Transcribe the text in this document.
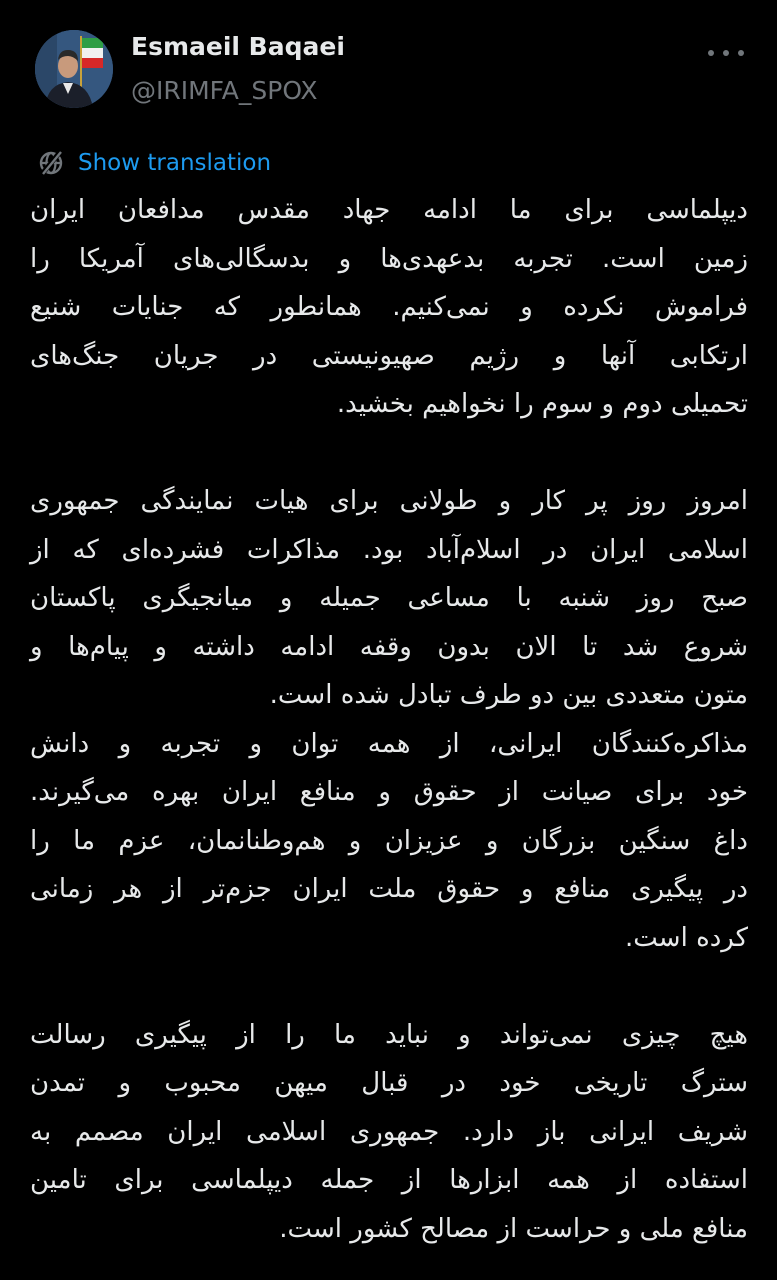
Esmaeil Baqaei
@IRIMFA_SPOX
Show translation
دیپلماسی برای ما ادامه جهاد مقدس مدافعان ایران
زمین است. تجربه بدعهدی‌ها و بدسگالی‌های آمریکا را
فراموش نکرده و نمی‌کنیم. همانطور که جنایات شنیع
ارتکابی آنها و رژیم صهیونیستی در جریان جنگ‌های
تحمیلی دوم و سوم را نخواهیم بخشید.
امروز روز پر کار و طولانی برای هیات نمایندگی جمهوری
اسلامی ایران در اسلام‌آباد بود. مذاکرات فشرده‌ای که از
صبح روز شنبه با مساعی جمیله و میانجیگری پاکستان
شروع شد تا الان بدون وقفه ادامه داشته و پیام‌ها و
متون متعددی بین دو طرف تبادل شده است.
مذاکره‌کنندگان ایرانی، از همه توان و تجربه و دانش
خود برای صیانت از حقوق و منافع ایران بهره می‌گیرند.
داغ سنگین بزرگان و عزیزان و هم‌وطنانمان، عزم ما را
در پیگیری منافع و حقوق ملت ایران جزم‌تر از هر زمانی
کرده است.
هیچ چیزی نمی‌تواند و نباید ما را از پیگیری رسالت
سترگ تاریخی خود در قبال میهن محبوب و تمدن
شریف ایرانی باز دارد. جمهوری اسلامی ایران مصمم به
استفاده از همه ابزارها از جمله دیپلماسی برای تامین
منافع ملی و حراست از مصالح کشور است.
